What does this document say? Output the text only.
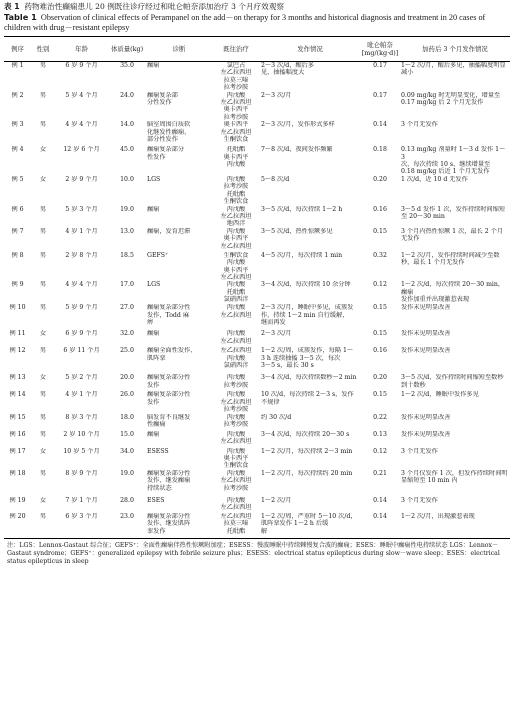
表 1 药物难治性癫痫患儿 20 例既往诊疗经过和吡仑帕奈添加治疗 3 个月疗效观察
Table 1 Observation of clinical effects of Perampanel on the add－on therapy for 3 months and historical diagnosis and treatment in 20 cases of children with drug－resistant epilepsy
例序	性别	年龄	体质量(kg)	诊断	既往治疗	发作情况	吡仑帕奈
[mg/(kg·d)]	加药后 3 个月发作情况

例 1	男	6 岁 9 个月	35.0	癫痫	氯巴占
左乙拉西坦
拉莫三嗪
拉考沙胺	2～3 次/d，醒后多
见，抽搐幅度大	0.17	1～2 次/月，醒后多见，抽搐幅度明显
减小

例 2	男	5 岁 4 个月	24.0	癫痫复杂部
分性发作	丙戊酸
左乙拉西坦
奥卡西平
拉考沙胺	2～3 次/月	0.17	0.09 mg/kg 时无明显变化，增量至
0.17 mg/kg 后 2 个月无发作

例 3	男	4 岁 4 个月	14.0	脑室周围白质软
化继发性癫痫、
部分性发作	奥卡西平
左乙拉西坦
生酮饮食	2～3 次/月，发作形式多样	0.14	3 个月无发作

例 4	女	12 岁 6 个月	45.0	癫痫复杂部分
性发作	托吡酯
奥卡西平
丙戊酸	7～8 次/d，夜间发作频繁	0.18	0.13 mg/kg 剂量时 1～3 d 发作 1～3
次，每次持续 10 s，继续增量至
0.18 mg/kg 后近 1 个月无发作

例 5	女	2 岁 9 个月	10.0	LGS	丙戊酸
拉考沙胺
托吡酯
生酮饮食	5～8 次/d	0.20	1 次/d，近 10 d 无发作

例 6	男	5 岁 3 个月	19.0	癫痫	丙戊酸
左乙拉西坦
地西泮	3～5 次/d，每次持续 1～2 h	0.16	3～5 d 发作 1 次，发作持续时间缩短
至 20～30 min

例 7	男	4 岁 1 个月	13.0	癫痫，发育迟滞	丙戊酸
奥卡西平
左乙拉西坦	3～5 次/d，热性惊厥多见	0.15	3 个月内热性惊厥 1 次，最长 2 个月
无发作

例 8	男	2 岁 8 个月	18.5	GEFS⁺	生酮饮食
丙戊酸
奥卡西平
左乙拉西坦	4～5 次/月，每次持续 1 min	0.32	1～2 次/月，发作持续时间减少至数
秒，最长 1 个月无发作

例 9	男	4 岁 4 个月	17.0	LGS	丙戊酸
托吡酯
氯硝西泮	3～4 次/d，每次持续 10 余分钟	0.12	1～2 次/d，每次持续 20～30 min，癫痫
发作加重并出现激惹表现

例 10	男	5 岁 9 个月	27.0	癫痫复杂部分性
发作，Todd 麻
痹	丙戊酸
左乙拉西坦	2～3 次/月，睡眠中多见，成簇发
作，持续 1～2 min 自行缓解，
继而再发	0.15	发作未见明显改善

例 11	女	6 岁 9 个月	32.0	癫痫	丙戊酸
左乙拉西坦	2～3 次/月	0.15	发作未见明显改善

例 12	男	6 岁 11 个月	25.0	癫痫全面性发作、
肌阵挛	左乙拉西坦
丙戊酸
氯硝西泮	1～2 次/周，成簇发作，每隔 1～
3 h 连续抽搐 3～5 次，每次
3～5 s，最长 30 s	0.16	发作未见明显改善

例 13	女	5 岁 2 个月	20.0	癫痫复杂部分性
发作	丙戊酸
拉考沙胺	3～4 次/d，每次持续数秒～2 min	0.20	3～5 次/d，发作持续时间缩短至数秒
到十数秒

例 14	男	4 岁 1 个月	26.0	癫痫复杂部分性
发作	丙戊酸
左乙拉西坦
拉考沙胺	10 次/d，每次持续 2～3 s，发作
不规律	0.15	1～2 次/d，睡眠中发作多见

例 15	男	8 岁 3 个月	18.0	脑发育不良继发
性癫痫	丙戊酸
拉考沙胺	约 30 次/d	0.22	发作未见明显改善

例 16	男	2 岁 10 个月	15.0	癫痫	丙戊酸
左乙拉西坦	3～4 次/d，每次持续 20～30 s	0.13	发作未见明显改善

例 17	女	10 岁 5 个月	34.0	ESESS	丙戊酸
奥卡西平
生酮饮食	1～2 次/月，每次持续 2～3 min	0.12	3 个月无发作

例 18	男	8 岁 9 个月	19.0	癫痫复杂部分性
发作、继发癫痫
持续状态	丙戊酸
左乙拉西坦
拉考沙胺	1～2 次/月，每次持续约 20 min	0.21	3 个月仅发作 1 次，但发作持续时间明
显缩短至 10 min 内

例 19	女	7 岁 1 个月	28.0	ESES	丙戊酸
左乙拉西坦	1～2 次/月	0.14	3 个月无发作

例 20	男	6 岁 3 个月	23.0	癫痫复杂部分性
发作、继发肌阵
挛发作	左乙拉西坦
拉莫三嗪
托吡酯	1～2 次/周，严重时 5～10 次/d，
肌阵挛发作 1～2 h 后缓
解	0.14	1～2 次/月，出现激惹表现
注：LGS：Lennox-Gastaut 综合征；GEFS⁺：全面性癫痫伴热性惊厥附加症；ESESS：慢波睡眠中持续棘慢复合波的癫痫；ESES：睡眠中癫痫性电持续状态 LGS：Lennox－Gastaut syndrome；GEFS⁺：generalized epilepsy with febrile seizure plus；ESESS：electrical status epilepticus during slow－wave sleep；ESES：electrical status epilepticus in sleep
